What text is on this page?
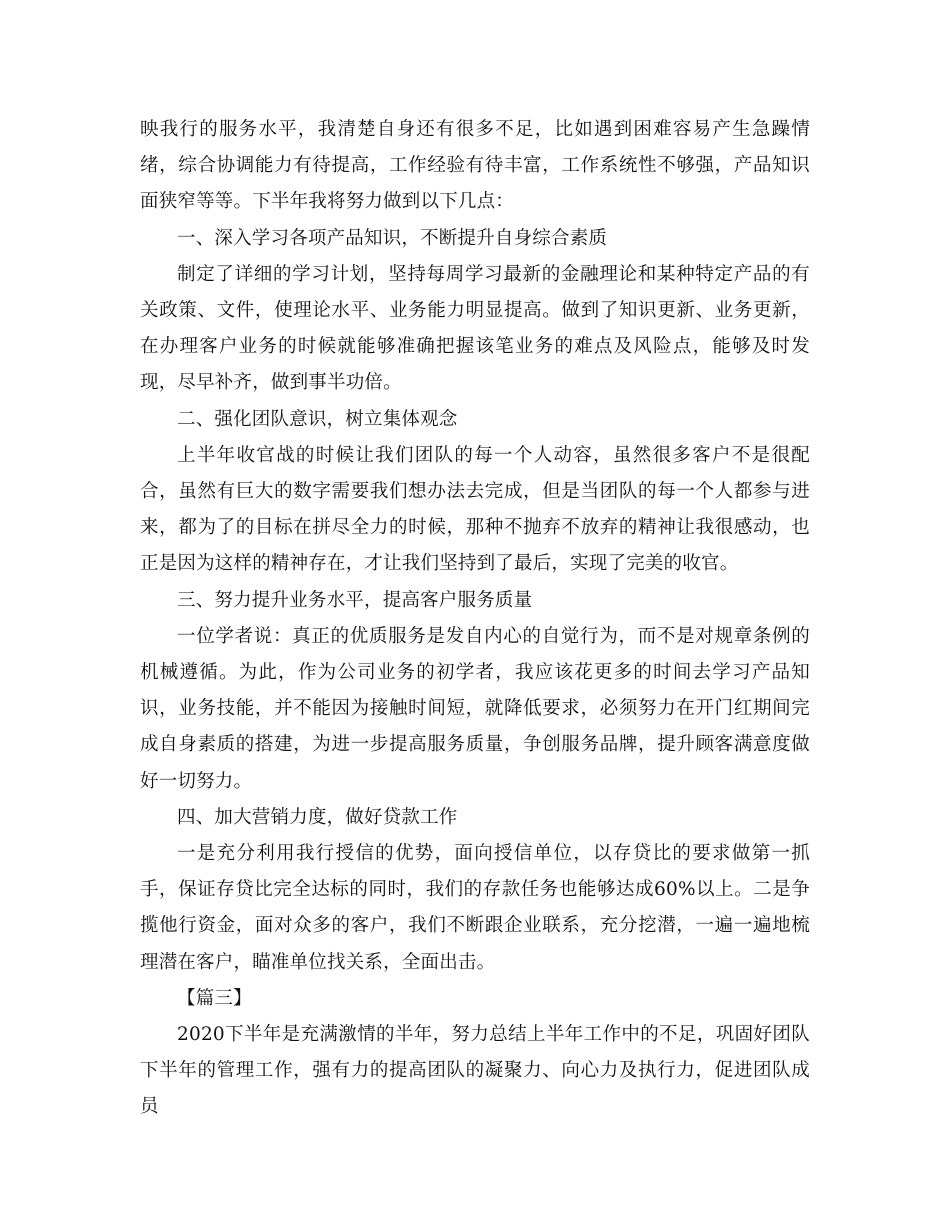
映我行的服务水平，我清楚自身还有很多不足，比如遇到困难容易产生急躁情绪，综合协调能力有待提高，工作经验有待丰富，工作系统性不够强，产品知识面狭窄等等。下半年我将努力做到以下几点：

一、深入学习各项产品知识，不断提升自身综合素质

制定了详细的学习计划，坚持每周学习最新的金融理论和某种特定产品的有关政策、文件，使理论水平、业务能力明显提高。做到了知识更新、业务更新，在办理客户业务的时候就能够准确把握该笔业务的难点及风险点，能够及时发现，尽早补齐，做到事半功倍。

二、强化团队意识，树立集体观念

上半年收官战的时候让我们团队的每一个人动容，虽然很多客户不是很配合，虽然有巨大的数字需要我们想办法去完成，但是当团队的每一个人都参与进来，都为了的目标在拼尽全力的时候，那种不抛弃不放弃的精神让我很感动，也正是因为这样的精神存在，才让我们坚持到了最后，实现了完美的收官。

三、努力提升业务水平，提高客户服务质量

一位学者说：真正的优质服务是发自内心的自觉行为，而不是对规章条例的机械遵循。为此，作为公司业务的初学者，我应该花更多的时间去学习产品知识，业务技能，并不能因为接触时间短，就降低要求，必须努力在开门红期间完成自身素质的搭建，为进一步提高服务质量，争创服务品牌，提升顾客满意度做好一切努力。

四、加大营销力度，做好贷款工作

一是充分利用我行授信的优势，面向授信单位，以存贷比的要求做第一抓手，保证存贷比完全达标的同时，我们的存款任务也能够达成60%以上。二是争揽他行资金，面对众多的客户，我们不断跟企业联系，充分挖潜，一遍一遍地梳理潜在客户，瞄准单位找关系，全面出击。

【篇三】

2020下半年是充满激情的半年，努力总结上半年工作中的不足，巩固好团队下半年的管理工作，强有力的提高团队的凝聚力、向心力及执行力，促进团队成员
